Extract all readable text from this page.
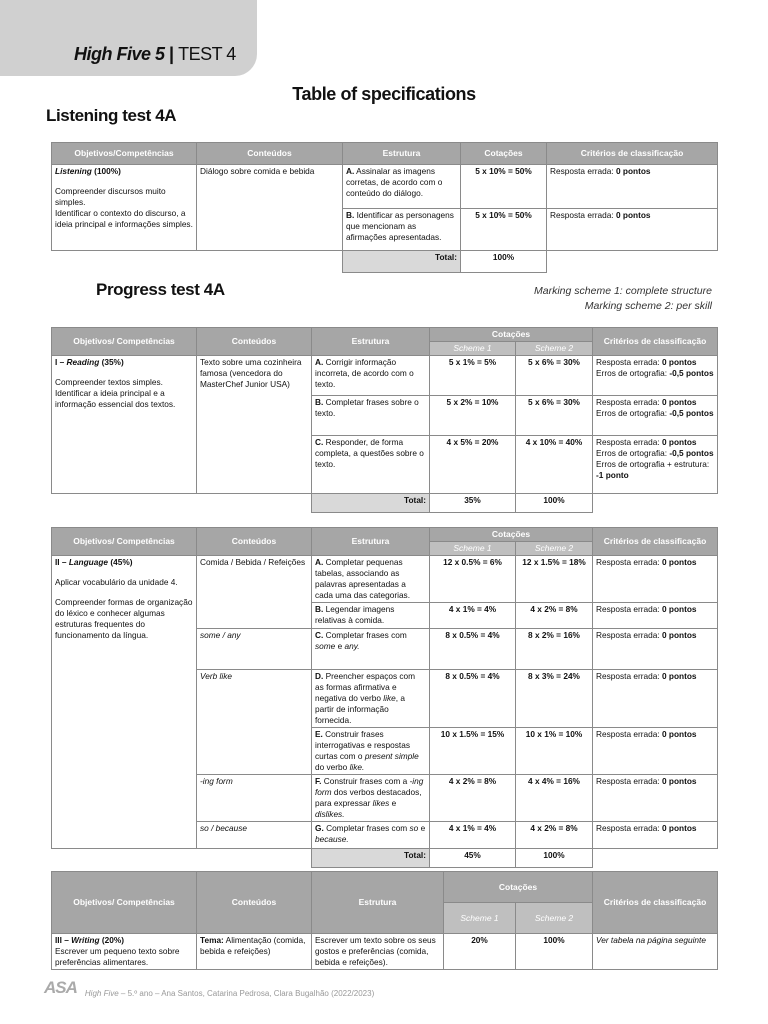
High Five 5 | TEST 4
Table of specifications
Listening test 4A
Objetivos/Competências	Conteúdos	Estrutura	Cotações	Critérios de classificação
Listening (100%)
Compreender discursos muito simples.
Identificar o contexto do discurso, a ideia principal e informações simples.	Diálogo sobre comida e bebida	A. Assinalar as imagens corretas, de acordo com o conteúdo do diálogo.	5 x 10% = 50%	Resposta errada: 0 pontos
		B. Identificar as personagens que mencionam as afirmações apresentadas.	5 x 10% = 50%	Resposta errada: 0 pontos
		Total:	100%	
Progress test 4A	Marking scheme 1: complete structure
Marking scheme 2: per skill
Objetivos/ Competências	Conteúdos	Estrutura	Cotações		Critérios de classificação
			Scheme 1	Scheme 2	
I – Reading (35%)
Compreender textos simples.
Identificar a ideia principal e a informação essencial dos textos.	Texto sobre uma cozinheira famosa (vencedora do MasterChef Junior USA)	A. Corrigir informação incorreta, de acordo com o texto.	5 x 1% = 5%	5 x 6% = 30%	Resposta errada: 0 pontos
Erros de ortografia: -0,5 pontos
		B. Completar frases sobre o texto.	5 x 2% = 10%	5 x 6% = 30%	Resposta errada: 0 pontos
Erros de ortografia: -0,5 pontos
		C. Responder, de forma completa, a questões sobre o texto.	4 x 5% = 20%	4 x 10% = 40%	Resposta errada: 0 pontos
Erros de ortografia: -0,5 pontos
Erros de ortografia + estrutura: -1 ponto
		Total:	35%	100%	
Objetivos/ Competências	Conteúdos	Estrutura	Cotações		Critérios de classificação
			Scheme 1	Scheme 2	
II – Language (45%)
Aplicar vocabulário da unidade 4.
Compreender formas de organização do léxico e conhecer algumas estruturas frequentes do funcionamento da língua.	Comida / Bebida / Refeições	A. Completar pequenas tabelas, associando as palavras apresentadas a cada uma das categorias.	12 x 0.5% = 6%	12 x 1.5% = 18%	Resposta errada: 0 pontos
		B. Legendar imagens relativas à comida.	4 x 1% = 4%	4 x 2% = 8%	Resposta errada: 0 pontos
	some / any	C. Completar frases com some e any.	8 x 0.5% = 4%	8 x 2% = 16%	Resposta errada: 0 pontos
	Verb like	D. Preencher espaços com as formas afirmativa e negativa do verbo like, a partir de informação fornecida.	8 x 0.5% = 4%	8 x 3% = 24%	Resposta errada: 0 pontos
		E. Construir frases interrogativas e respostas curtas com o present simple do verbo like.	10 x 1.5% = 15%	10 x 1% = 10%	Resposta errada: 0 pontos
	-ing form	F. Construir frases com a -ing form dos verbos destacados, para expressar likes e dislikes.	4 x 2% = 8%	4 x 4% = 16%	Resposta errada: 0 pontos
	so / because	G. Completar frases com so e because.	4 x 1% = 4%	4 x 2% = 8%	Resposta errada: 0 pontos
		Total:	45%	100%	
Objetivos/ Competências	Conteúdos	Estrutura	Cotações		Critérios de classificação
			Scheme 1	Scheme 2	
III – Writing (20%)
Escrever um pequeno texto sobre preferências alimentares.	Tema: Alimentação (comida, bebida e refeições)	Escrever um texto sobre os seus gostos e preferências (comida, bebida e refeições).	20%	100%	Ver tabela na página seguinte
ASA High Five – 5.º ano – Ana Santos, Catarina Pedrosa, Clara Bugalhão (2022/2023)
